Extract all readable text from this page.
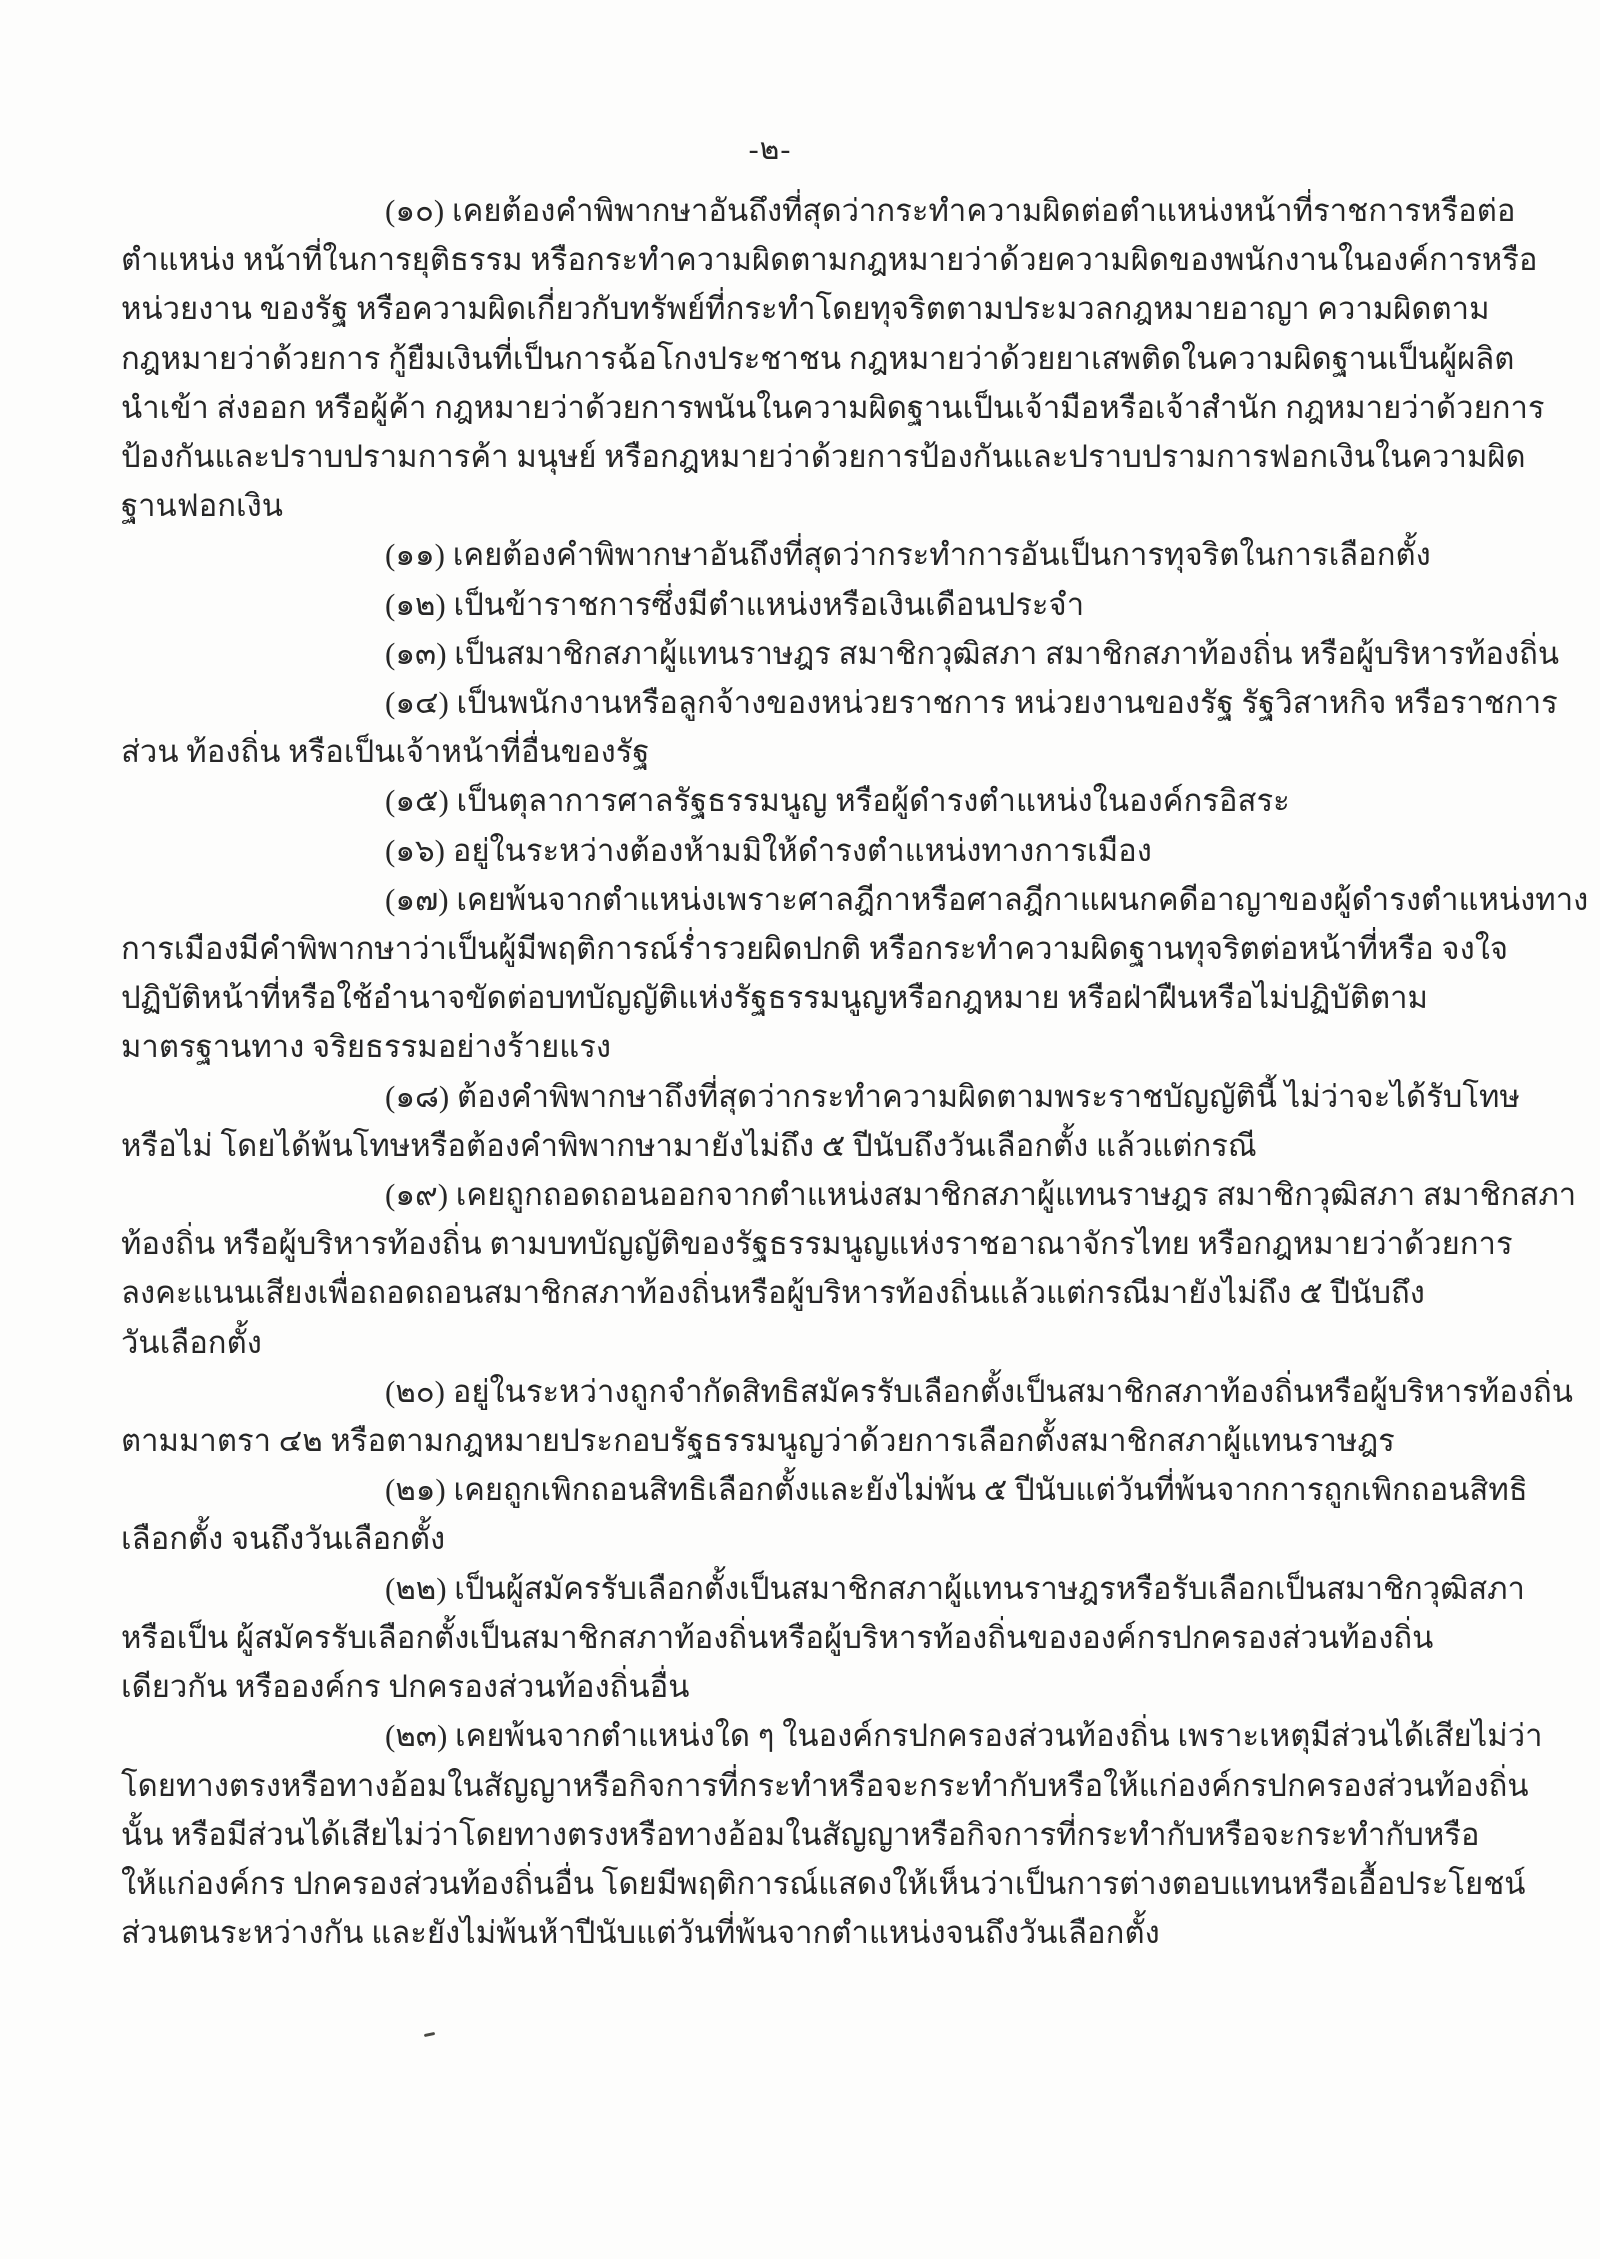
-๒-
(๑๐) เคยต้องคำพิพากษาอันถึงที่สุดว่ากระทำความผิดต่อตำแหน่งหน้าที่ราชการหรือต่อ
ตำแหน่ง หน้าที่ในการยุติธรรม หรือกระทำความผิดตามกฎหมายว่าด้วยความผิดของพนักงานในองค์การหรือ
หน่วยงาน ของรัฐ หรือความผิดเกี่ยวกับทรัพย์ที่กระทำโดยทุจริตตามประมวลกฎหมายอาญา ความผิดตาม
กฎหมายว่าด้วยการ กู้ยืมเงินที่เป็นการฉ้อโกงประชาชน กฎหมายว่าด้วยยาเสพติดในความผิดฐานเป็นผู้ผลิต
นำเข้า ส่งออก หรือผู้ค้า กฎหมายว่าด้วยการพนันในความผิดฐานเป็นเจ้ามือหรือเจ้าสำนัก กฎหมายว่าด้วยการ
ป้องกันและปราบปรามการค้า มนุษย์ หรือกฎหมายว่าด้วยการป้องกันและปราบปรามการฟอกเงินในความผิด
ฐานฟอกเงิน
(๑๑) เคยต้องคำพิพากษาอันถึงที่สุดว่ากระทำการอันเป็นการทุจริตในการเลือกตั้ง
(๑๒) เป็นข้าราชการซึ่งมีตำแหน่งหรือเงินเดือนประจำ
(๑๓) เป็นสมาชิกสภาผู้แทนราษฎร สมาชิกวุฒิสภา สมาชิกสภาท้องถิ่น หรือผู้บริหารท้องถิ่น
(๑๔) เป็นพนักงานหรือลูกจ้างของหน่วยราชการ หน่วยงานของรัฐ รัฐวิสาหกิจ หรือราชการ
ส่วน ท้องถิ่น หรือเป็นเจ้าหน้าที่อื่นของรัฐ
(๑๕) เป็นตุลาการศาลรัฐธรรมนูญ หรือผู้ดำรงตำแหน่งในองค์กรอิสระ
(๑๖) อยู่ในระหว่างต้องห้ามมิให้ดำรงตำแหน่งทางการเมือง
(๑๗) เคยพ้นจากตำแหน่งเพราะศาลฎีกาหรือศาลฎีกาแผนกคดีอาญาของผู้ดำรงตำแหน่งทาง
การเมืองมีคำพิพากษาว่าเป็นผู้มีพฤติการณ์ร่ำรวยผิดปกติ หรือกระทำความผิดฐานทุจริตต่อหน้าที่หรือ จงใจ
ปฏิบัติหน้าที่หรือใช้อำนาจขัดต่อบทบัญญัติแห่งรัฐธรรมนูญหรือกฎหมาย หรือฝ่าฝืนหรือไม่ปฏิบัติตาม
มาตรฐานทาง จริยธรรมอย่างร้ายแรง
(๑๘) ต้องคำพิพากษาถึงที่สุดว่ากระทำความผิดตามพระราชบัญญัตินี้ ไม่ว่าจะได้รับโทษ
หรือไม่ โดยได้พ้นโทษหรือต้องคำพิพากษามายังไม่ถึง ๕ ปีนับถึงวันเลือกตั้ง แล้วแต่กรณี
(๑๙) เคยถูกถอดถอนออกจากตำแหน่งสมาชิกสภาผู้แทนราษฎร สมาชิกวุฒิสภา สมาชิกสภา
ท้องถิ่น หรือผู้บริหารท้องถิ่น ตามบทบัญญัติของรัฐธรรมนูญแห่งราชอาณาจักรไทย หรือกฎหมายว่าด้วยการ
ลงคะแนนเสียงเพื่อถอดถอนสมาชิกสภาท้องถิ่นหรือผู้บริหารท้องถิ่นแล้วแต่กรณีมายังไม่ถึง ๕ ปีนับถึง
วันเลือกตั้ง
(๒๐) อยู่ในระหว่างถูกจำกัดสิทธิสมัครรับเลือกตั้งเป็นสมาชิกสภาท้องถิ่นหรือผู้บริหารท้องถิ่น
ตามมาตรา ๔๒ หรือตามกฎหมายประกอบรัฐธรรมนูญว่าด้วยการเลือกตั้งสมาชิกสภาผู้แทนราษฎร
(๒๑) เคยถูกเพิกถอนสิทธิเลือกตั้งและยังไม่พ้น ๕ ปีนับแต่วันที่พ้นจากการถูกเพิกถอนสิทธิ
เลือกตั้ง จนถึงวันเลือกตั้ง
(๒๒) เป็นผู้สมัครรับเลือกตั้งเป็นสมาชิกสภาผู้แทนราษฎรหรือรับเลือกเป็นสมาชิกวุฒิสภา
หรือเป็น ผู้สมัครรับเลือกตั้งเป็นสมาชิกสภาท้องถิ่นหรือผู้บริหารท้องถิ่นขององค์กรปกครองส่วนท้องถิ่น
เดียวกัน หรือองค์กร ปกครองส่วนท้องถิ่นอื่น
(๒๓) เคยพ้นจากตำแหน่งใด ๆ ในองค์กรปกครองส่วนท้องถิ่น เพราะเหตุมีส่วนได้เสียไม่ว่า
โดยทางตรงหรือทางอ้อมในสัญญาหรือกิจการที่กระทำหรือจะกระทำกับหรือให้แก่องค์กรปกครองส่วนท้องถิ่น
นั้น หรือมีส่วนได้เสียไม่ว่าโดยทางตรงหรือทางอ้อมในสัญญาหรือกิจการที่กระทำกับหรือจะกระทำกับหรือ
ให้แก่องค์กร ปกครองส่วนท้องถิ่นอื่น โดยมีพฤติการณ์แสดงให้เห็นว่าเป็นการต่างตอบแทนหรือเอื้อประโยชน์
ส่วนตนระหว่างกัน และยังไม่พ้นห้าปีนับแต่วันที่พ้นจากตำแหน่งจนถึงวันเลือกตั้ง
